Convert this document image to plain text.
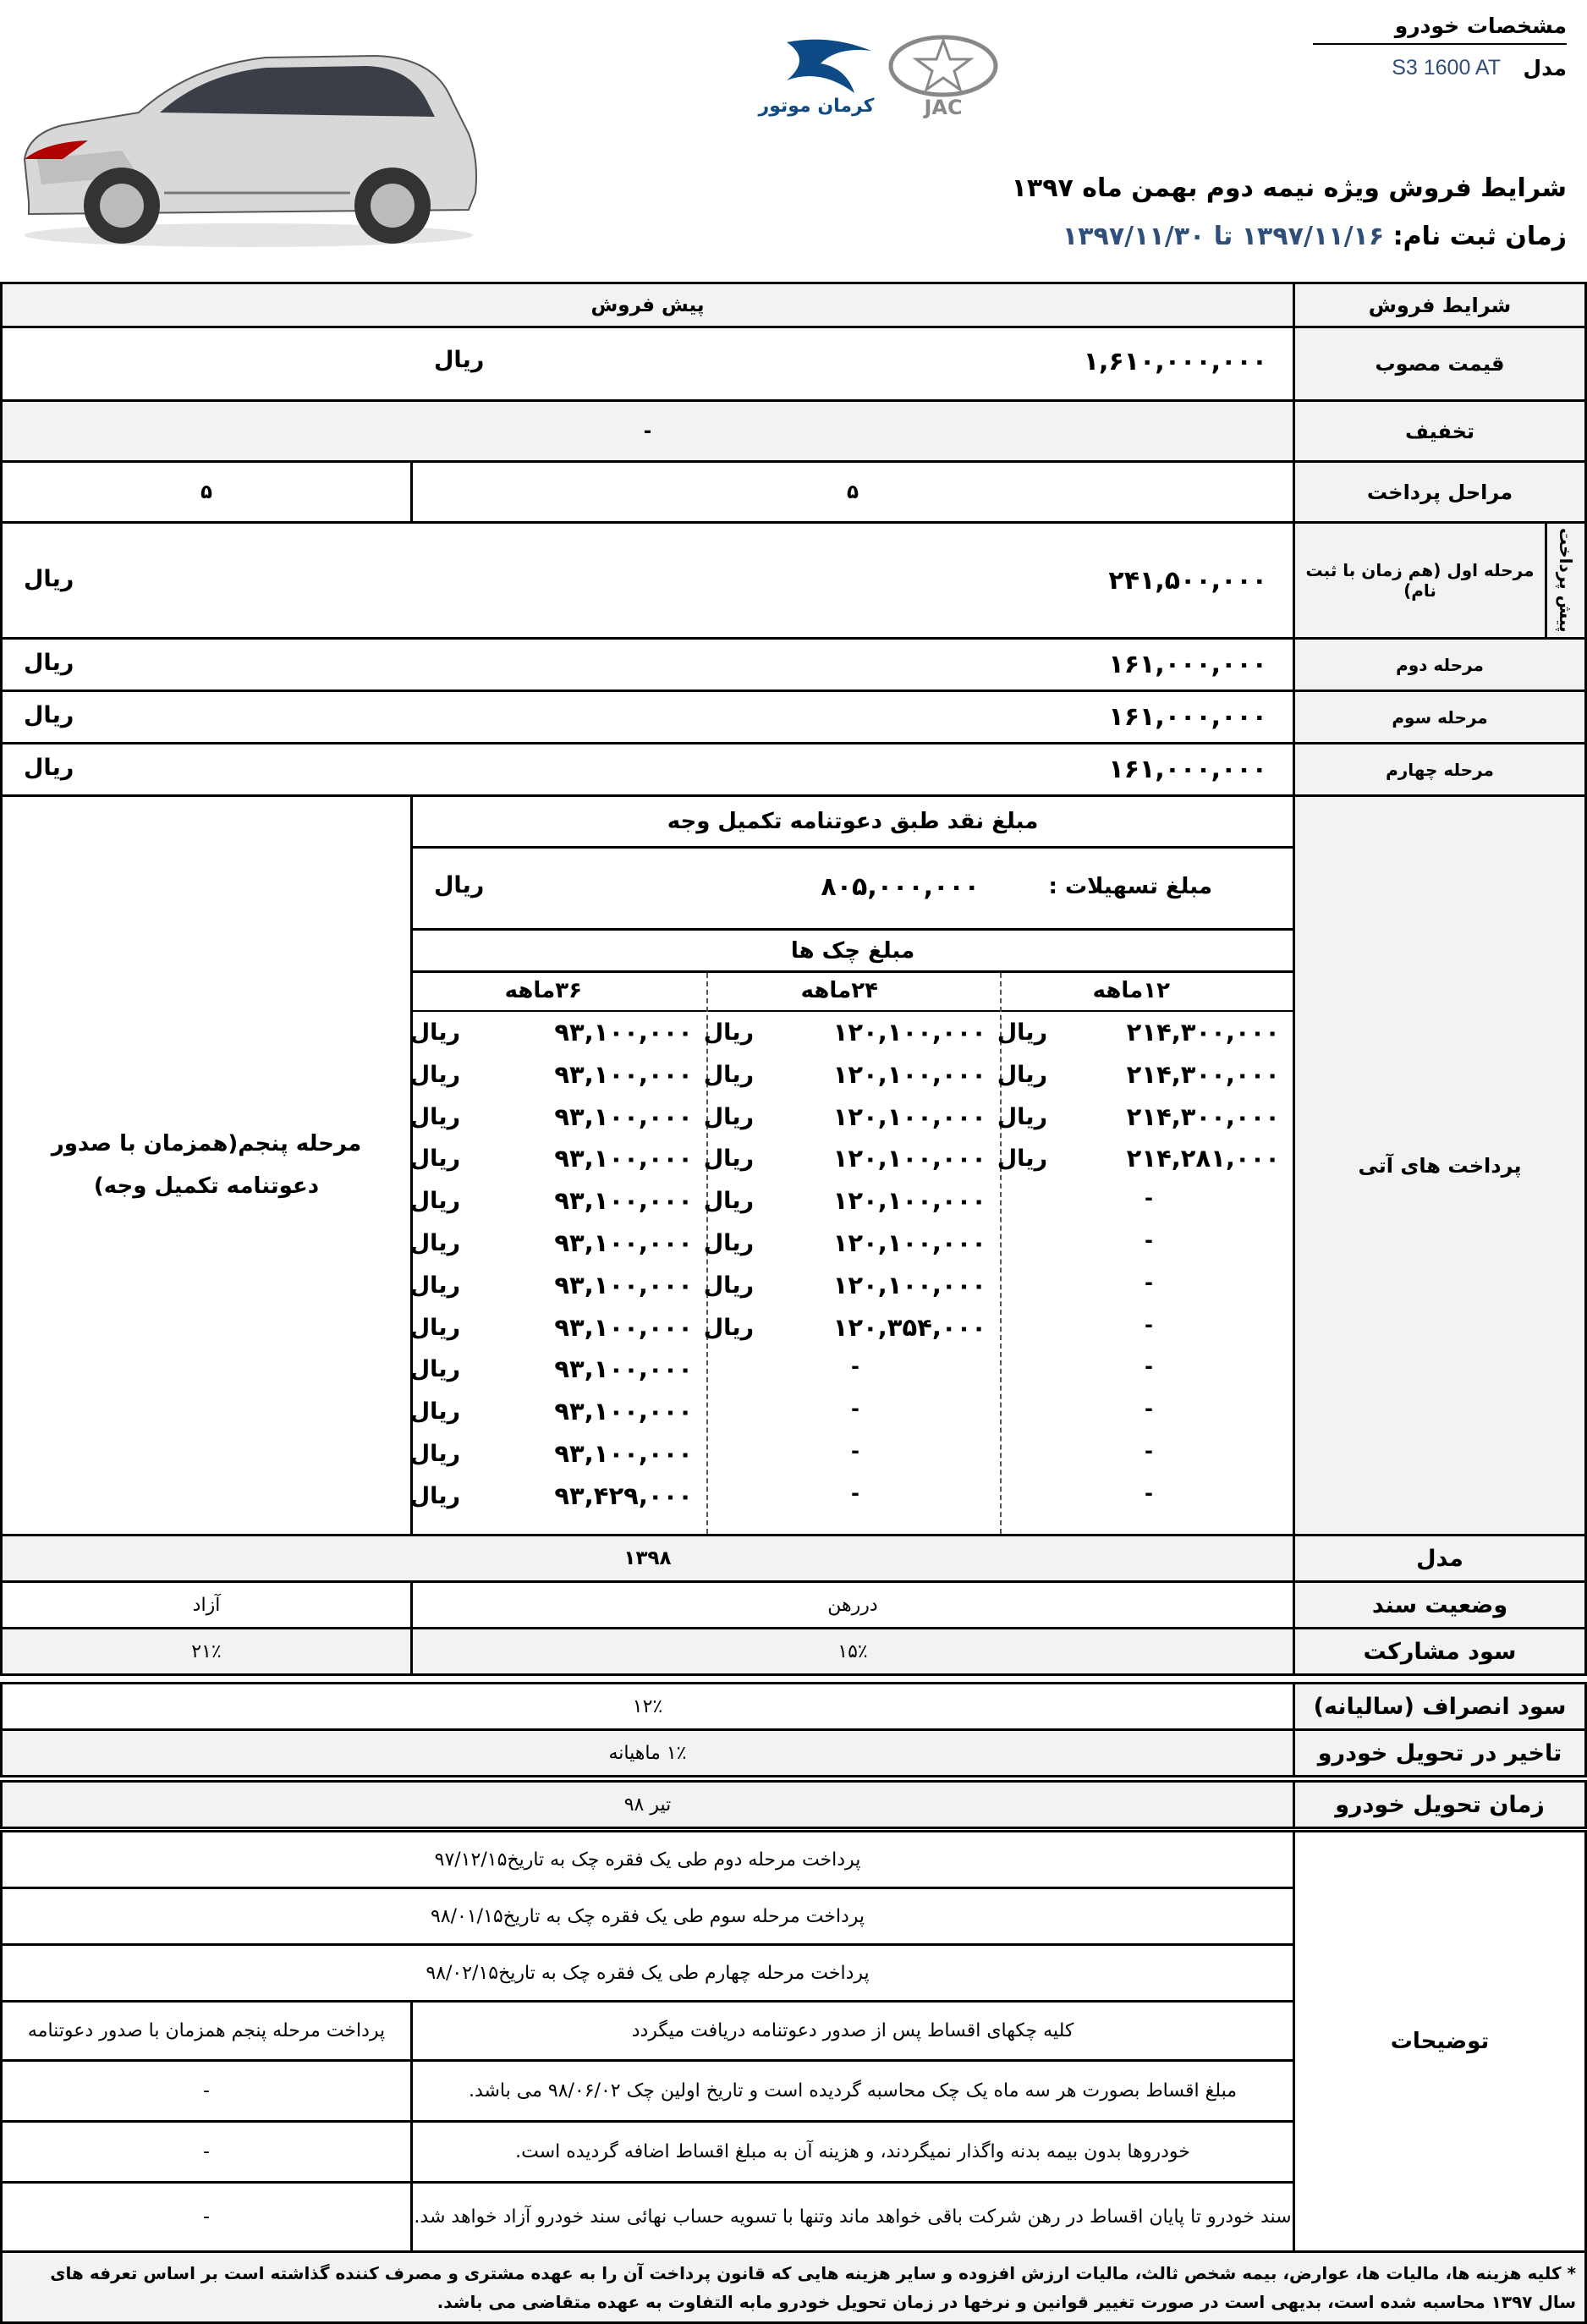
کرمان موتور JAC
مشخصات خودرو
مدل
S3 1600 AT
شرایط فروش ویژه نیمه دوم بهمن ماه ۱۳۹۷
زمان ثبت نام: ۱۳۹۷/۱۱/۱۶ تا ۱۳۹۷/۱۱/۳۰
شرایط فروش
پیش فروش
قیمت مصوب
۱,۶۱۰,۰۰۰,۰۰۰
ریال
تخفیف
-
مراحل پرداخت
۵
۵
پیش پرداخت
مرحله اول (هم زمان با ثبت نام)
۲۴۱,۵۰۰,۰۰۰
ریال
مرحله دوم
۱۶۱,۰۰۰,۰۰۰
ریال
مرحله سوم
۱۶۱,۰۰۰,۰۰۰
ریال
مرحله چهارم
۱۶۱,۰۰۰,۰۰۰
ریال
پرداخت های آتی
مرحله پنجم(همزمان با صدور دعوتنامه تکمیل وجه)
مبلغ نقد طبق دعوتنامه تکمیل وجه
مبلغ تسهیلات :
۸۰۵,۰۰۰,۰۰۰
ریال
مبلغ چک ها
۱۲ماهه
۲۴ماهه
۳۶ماهه
۲۱۴,۳۰۰,۰۰۰
ریال
۱۲۰,۱۰۰,۰۰۰
ریال
۹۳,۱۰۰,۰۰۰
ریال
۲۱۴,۳۰۰,۰۰۰
ریال
۱۲۰,۱۰۰,۰۰۰
ریال
۹۳,۱۰۰,۰۰۰
ریال
۲۱۴,۳۰۰,۰۰۰
ریال
۱۲۰,۱۰۰,۰۰۰
ریال
۹۳,۱۰۰,۰۰۰
ریال
۲۱۴,۲۸۱,۰۰۰
ریال
۱۲۰,۱۰۰,۰۰۰
ریال
۹۳,۱۰۰,۰۰۰
ریال
-
۱۲۰,۱۰۰,۰۰۰
ریال
۹۳,۱۰۰,۰۰۰
ریال
-
۱۲۰,۱۰۰,۰۰۰
ریال
۹۳,۱۰۰,۰۰۰
ریال
-
۱۲۰,۱۰۰,۰۰۰
ریال
۹۳,۱۰۰,۰۰۰
ریال
-
۱۲۰,۳۵۴,۰۰۰
ریال
۹۳,۱۰۰,۰۰۰
ریال
-
-
۹۳,۱۰۰,۰۰۰
ریال
-
-
۹۳,۱۰۰,۰۰۰
ریال
-
-
۹۳,۱۰۰,۰۰۰
ریال
-
-
۹۳,۴۲۹,۰۰۰
ریال
مدل
۱۳۹۸
وضعیت سند
دررهن
آزاد
سود مشارکت
۱۵٪
۲۱٪
سود انصراف (سالیانه)
۱۲٪
تاخیر در تحویل خودرو
۱٪ ماهیانه
زمان تحویل خودرو
تیر ۹۸
توضیحات
پرداخت مرحله دوم طی یک فقره چک به تاریخ۹۷/۱۲/۱۵
پرداخت مرحله سوم طی یک فقره چک به تاریخ۹۸/۰۱/۱۵
پرداخت مرحله چهارم طی یک فقره چک به تاریخ۹۸/۰۲/۱۵
کلیه چکهای اقساط پس از صدور دعوتنامه دریافت میگردد
پرداخت مرحله پنجم همزمان با صدور دعوتنامه
مبلغ اقساط بصورت هر سه ماه یک چک محاسبه گردیده است و تاریخ اولین چک ۹۸/۰۶/۰۲ می باشد.
-
خودروها بدون بیمه بدنه واگذار نمیگردند، و هزینه آن به مبلغ اقساط اضافه گردیده است.
-
سند خودرو تا پایان اقساط در رهن شرکت باقی خواهد ماند وتنها با تسویه حساب نهائی سند خودرو آزاد خواهد شد.
-
* کلیه هزینه ها، مالیات ها، عوارض، بیمه شخص ثالث، مالیات ارزش افزوده و سایر هزینه هایی که قانون پرداخت آن را به عهده مشتری و مصرف کننده گذاشته است بر اساس تعرفه های سال ۱۳۹۷ محاسبه شده است، بدیهی است در صورت تغییر قوانین و نرخها در زمان تحویل خودرو مابه التفاوت به عهده متقاضی می باشد.
